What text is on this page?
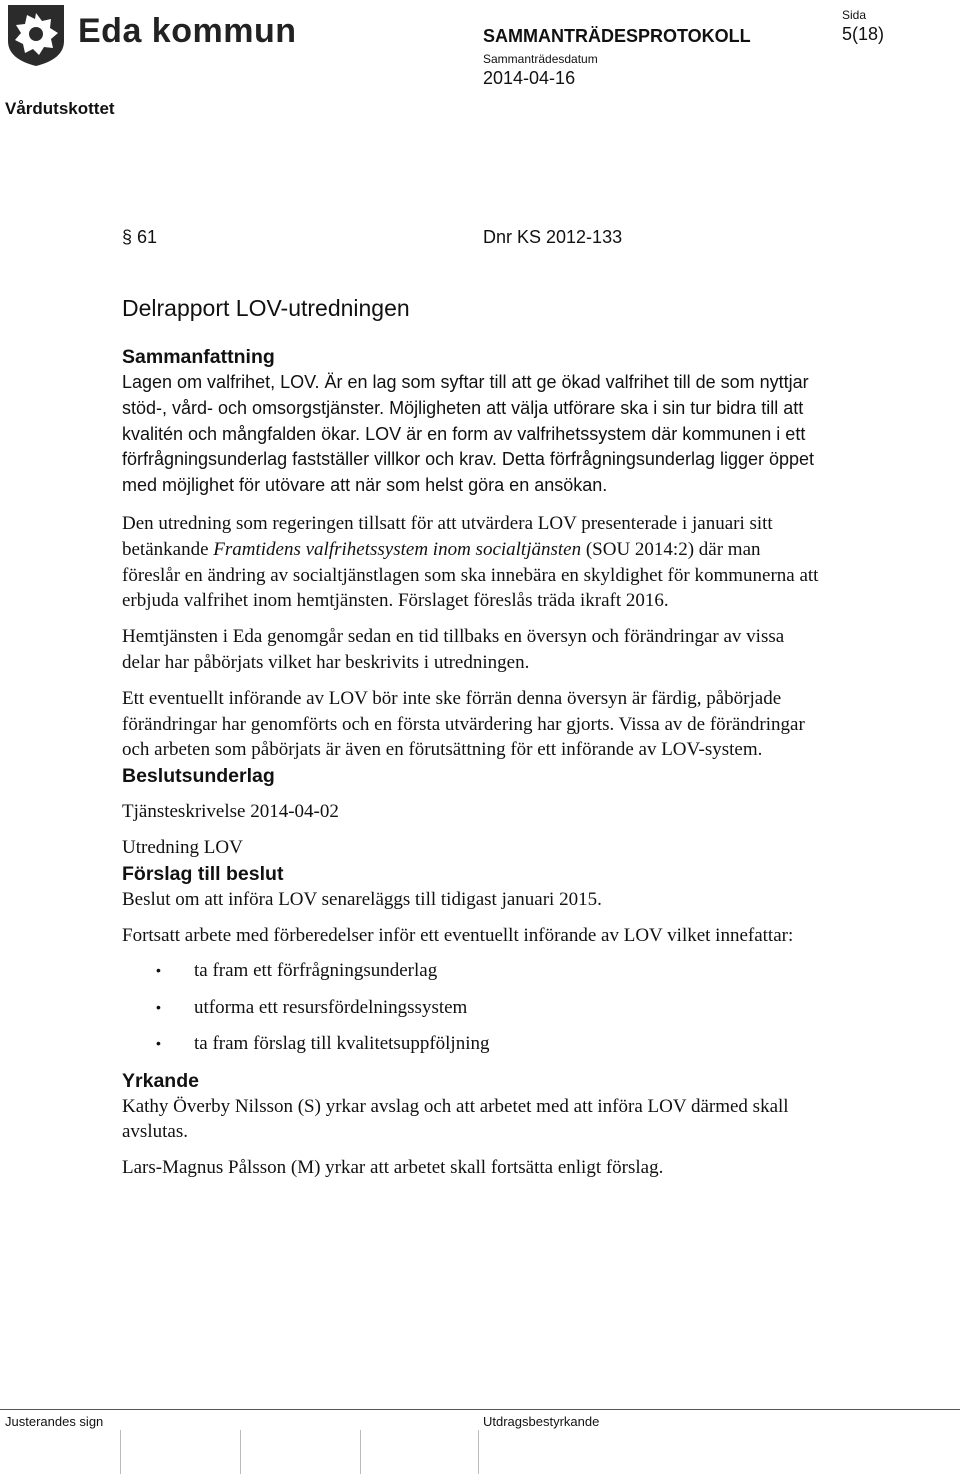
Eda kommun	SAMMANTRÄDESPROTOKOLL
Sammanträdesdatum
2014-04-16
Sida
5(18)
Vårdutskottet
§ 61	Dnr KS 2012-133
Delrapport LOV-utredningen
Sammanfattning

Lagen om valfrihet, LOV. Är en lag som syftar till att ge ökad valfrihet till de som nyttjar stöd-, vård- och omsorgstjänster. Möjligheten att välja utförare ska i sin tur bidra till att kvalitén och mångfalden ökar. LOV är en form av valfrihetssystem där kommunen i ett förfrågningsunderlag fastställer villkor och krav. Detta förfrågningsunderlag ligger öppet med möjlighet för utövare att när som helst göra en ansökan.

Den utredning som regeringen tillsatt för att utvärdera LOV presenterade i januari sitt betänkande Framtidens valfrihetssystem inom socialtjänsten (SOU 2014:2) där man föreslår en ändring av socialtjänstlagen som ska innebära en skyldighet för kommunerna att erbjuda valfrihet inom hemtjänsten. Förslaget föreslås träda ikraft 2016.

Hemtjänsten i Eda genomgår sedan en tid tillbaks en översyn och förändringar av vissa delar har påbörjats vilket har beskrivits i utredningen.

Ett eventuellt införande av LOV bör inte ske förrän denna översyn är färdig, påbörjade förändringar har genomförts och en första utvärdering har gjorts. Vissa av de förändringar och arbeten som påbörjats är även en förutsättning för ett införande av LOV-system.

Beslutsunderlag

Tjänsteskrivelse 2014-04-02

Utredning LOV

Förslag till beslut

Beslut om att införa LOV senareläggs till tidigast januari 2015.

Fortsatt arbete med förberedelser inför ett eventuellt införande av LOV vilket innefattar:

• ta fram ett förfrågningsunderlag
• utforma ett resursfördelningssystem
• ta fram förslag till kvalitetsuppföljning
Yrkande

Kathy Överby Nilsson (S) yrkar avslag och att arbetet med att införa LOV därmed skall avslutas.

Lars-Magnus Pålsson (M) yrkar att arbetet skall fortsätta enligt förslag.

Justerandes sign	Utdragsbestyrkande
